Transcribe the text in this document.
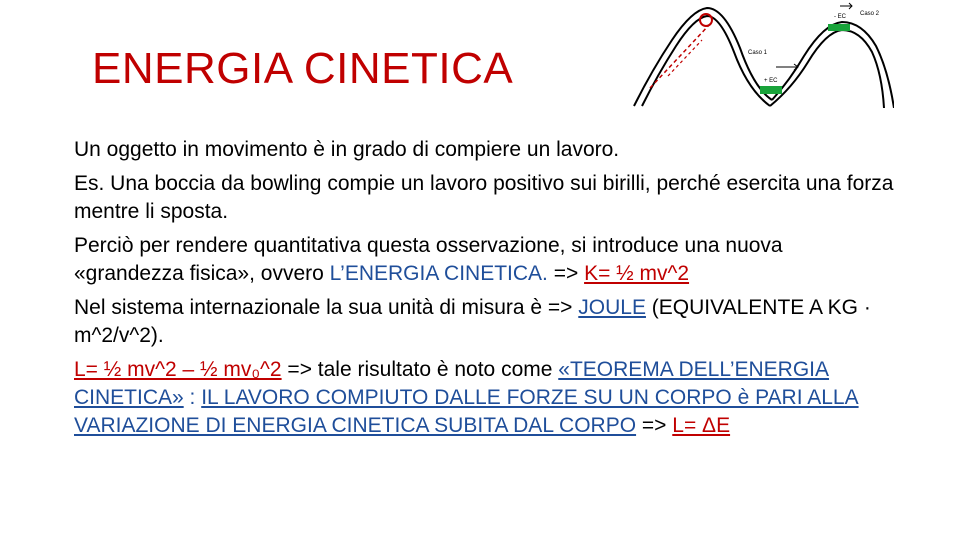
ENERGIA CINETICA	Caso 1
Caso 2
+ EC
- EC

Un oggetto in movimento è in grado di compiere un lavoro.

Es. Una boccia da bowling compie un lavoro positivo sui birilli, perché esercita una forza mentre li sposta.

Perciò per rendere quantitativa questa osservazione, si introduce una nuova «grandezza fisica», ovvero L’ENERGIA CINETICA. => K= ½ mv^2

Nel sistema internazionale la sua unità di misura è => JOULE (EQUIVALENTE A KG · m^2/v^2).

L= ½ mv^2 – ½ mv₀^2 => tale risultato è noto come «TEOREMA DELL’ENERGIA CINETICA» : IL LAVORO COMPIUTO DALLE FORZE SU UN CORPO è PARI ALLA VARIAZIONE DI ENERGIA CINETICA SUBITA DAL CORPO => L= ΔE
